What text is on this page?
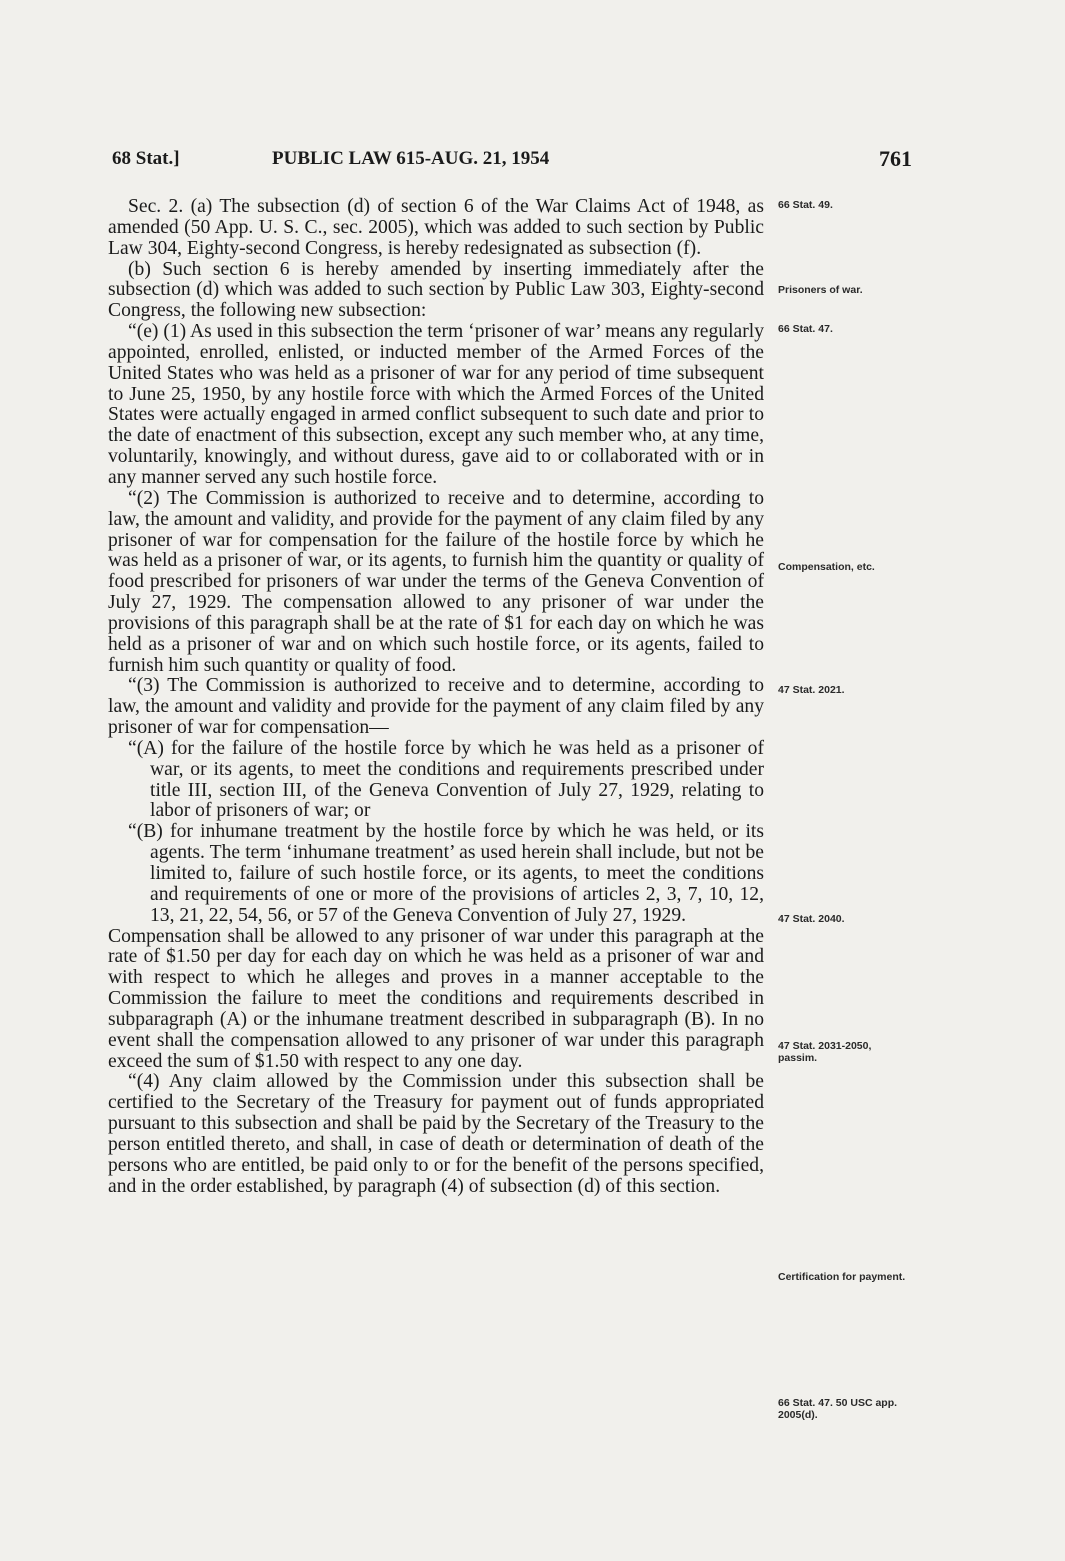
68 Stat.]	PUBLIC LAW 615-AUG. 21, 1954	761

Sec. 2. (a) The subsection (d) of section 6 of the War Claims Act of 1948, as amended (50 App. U. S. C., sec. 2005), which was added to such section by Public Law 304, Eighty-second Congress, is hereby redesignated as subsection (f).

(b) Such section 6 is hereby amended by inserting immediately after the subsection (d) which was added to such section by Public Law 303, Eighty-second Congress, the following new subsection:

“(e) (1) As used in this subsection the term ‘prisoner of war’ means any regularly appointed, enrolled, enlisted, or inducted member of the Armed Forces of the United States who was held as a prisoner of war for any period of time subsequent to June 25, 1950, by any hostile force with which the Armed Forces of the United States were actually engaged in armed conflict subsequent to such date and prior to the date of enactment of this subsection, except any such member who, at any time, voluntarily, knowingly, and without duress, gave aid to or collaborated with or in any manner served any such hostile force.

“(2) The Commission is authorized to receive and to determine, according to law, the amount and validity, and provide for the payment of any claim filed by any prisoner of war for compensation for the failure of the hostile force by which he was held as a prisoner of war, or its agents, to furnish him the quantity or quality of food prescribed for prisoners of war under the terms of the Geneva Convention of July 27, 1929. The compensation allowed to any prisoner of war under the provisions of this paragraph shall be at the rate of $1 for each day on which he was held as a prisoner of war and on which such hostile force, or its agents, failed to furnish him such quantity or quality of food.

“(3) The Commission is authorized to receive and to determine, according to law, the amount and validity and provide for the payment of any claim filed by any prisoner of war for compensation—

“(A) for the failure of the hostile force by which he was held as a prisoner of war, or its agents, to meet the conditions and requirements prescribed under title III, section III, of the Geneva Convention of July 27, 1929, relating to labor of prisoners of war; or

“(B) for inhumane treatment by the hostile force by which he was held, or its agents. The term ‘inhumane treatment’ as used herein shall include, but not be limited to, failure of such hostile force, or its agents, to meet the conditions and requirements of one or more of the provisions of articles 2, 3, 7, 10, 12, 13, 21, 22, 54, 56, or 57 of the Geneva Convention of July 27, 1929.

Compensation shall be allowed to any prisoner of war under this paragraph at the rate of $1.50 per day for each day on which he was held as a prisoner of war and with respect to which he alleges and proves in a manner acceptable to the Commission the failure to meet the conditions and requirements described in subparagraph (A) or the inhumane treatment described in subparagraph (B). In no event shall the compensation allowed to any prisoner of war under this paragraph exceed the sum of $1.50 with respect to any one day.

“(4) Any claim allowed by the Commission under this subsection shall be certified to the Secretary of the Treasury for payment out of funds appropriated pursuant to this subsection and shall be paid by the Secretary of the Treasury to the person entitled thereto, and shall, in case of death or determination of death of the persons who are entitled, be paid only to or for the benefit of the persons specified, and in the order established, by paragraph (4) of subsection (d) of this section.

66 Stat. 49.
Prisoners of war.
66 Stat. 47.
Compensation, etc.
47 Stat. 2021.
47 Stat. 2040.
47 Stat. 2031-2050, passim.
Certification for payment.
66 Stat. 47. 50 USC app. 2005(d).
